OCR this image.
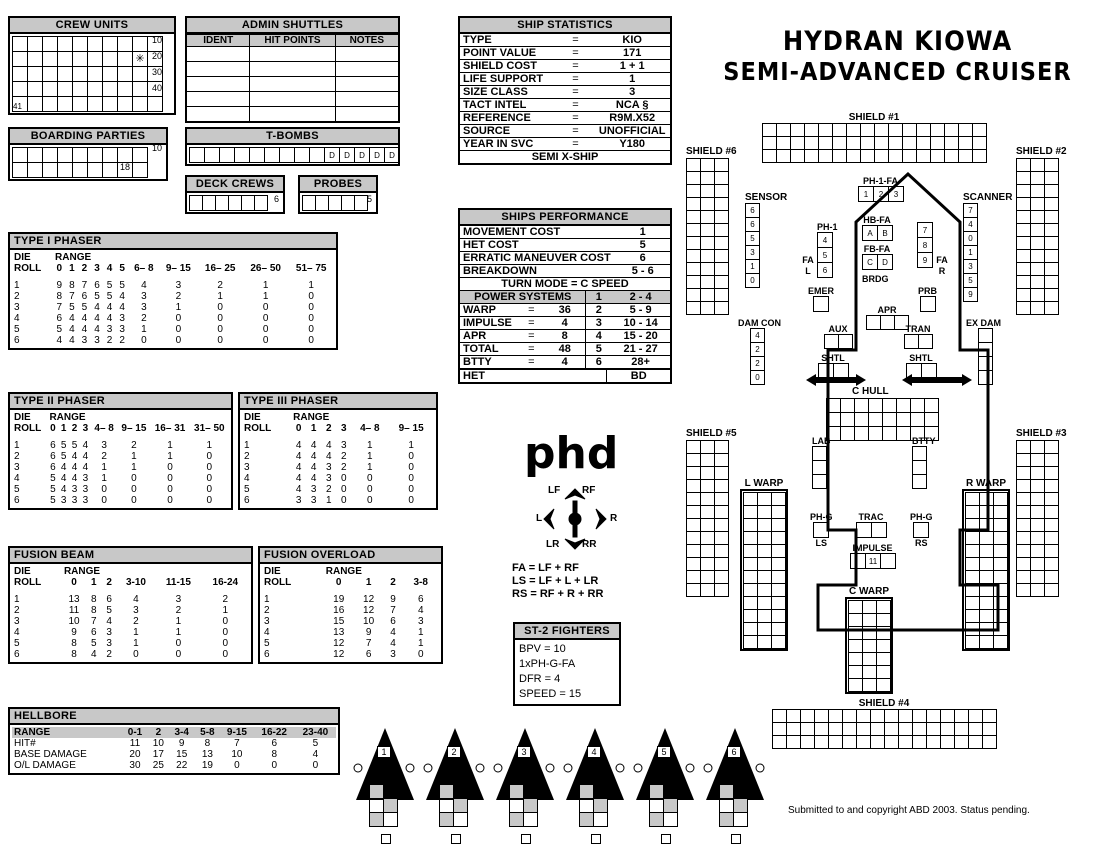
HYDRAN KIOWA
SEMI-ADVANCED CRUISER
CREW UNITS
✳
41
10
20
30
40
ADMIN SHUTTLES
IDENT	HIT POINTS	NOTES

BOARDING PARTIES
10
18
T-BOMBS
D	D	D	D	D
DECK CREWS
6
PROBES
5
SHIP STATISTICS
TYPE	=	KIO
POINT VALUE	=	171
SHIELD COST	=	1 + 1
LIFE SUPPORT	=	1
SIZE CLASS	=	3
TACT INTEL	=	NCA §
REFERENCE	=	R9M.X52
SOURCE	=	UNOFFICIAL
YEAR IN SVC	=	Y180
SEMI X-SHIP
SHIPS PERFORMANCE
MOVEMENT COST	1
HET COST	5
ERRATIC MANEUVER COST	6
BREAKDOWN	5 - 6
TURN MODE = C SPEED
POWER SYSTEMS			1	2 - 4
WARP	=	36	2	5 - 9
IMPULSE	=	4	3	10 - 14
APR	=	8	4	15 - 20
TOTAL	=	48	5	21 - 27
BTTY	=	4	6	28+
HET		BD
phd
LF RF
L	R
LR RR
FA = LF + RF
LS = LF + L + LR
RS = RF + R + RR
ST-2 FIGHTERS
BPV = 10
1xPH-G-FA
DFR = 4
SPEED = 15
TYPE I PHASER
DIE	RANGE										
ROLL	0	1	2	3	4	5	6– 8	9– 15	16– 25	26– 50	51– 75

1	9	8	7	6	5	5	4	3	2	1	1
2	8	7	6	5	5	4	3	2	1	1	0
3	7	5	5	4	4	4	3	1	0	0	0
4	6	4	4	4	4	3	2	0	0	0	0
5	5	4	4	4	3	3	1	0	0	0	0
6	4	4	3	3	2	2	0	0	0	0	0
TYPE II PHASER
DIE	RANGE							
ROLL	0	1	2	3	4– 8	9– 15	16– 31	31– 50

1	6	5	5	4	3	2	1	1
2	6	5	4	4	2	1	1	0
3	6	4	4	4	1	1	0	0
4	5	4	4	3	1	0	0	0
5	5	4	3	3	0	0	0	0
6	5	3	3	3	0	0	0	0
TYPE III PHASER
DIE	RANGE					
ROLL	0	1	2	3	4– 8	9– 15

1	4	4	4	3	1	1
2	4	4	4	2	1	0
3	4	4	3	2	1	0
4	4	4	3	0	0	0
5	4	3	2	0	0	0
6	3	3	1	0	0	0
FUSION BEAM
DIE	RANGE					
ROLL	0	1	2	3-10	11-15	16-24

1	13	8	6	4	3	2
2	11	8	5	3	2	1
3	10	7	4	2	1	0
4	9	6	3	1	1	0
5	8	5	3	1	0	0
6	8	4	2	0	0	0
FUSION OVERLOAD
DIE	RANGE			
ROLL	0	1	2	3-8

1	19	12	9	6
2	16	12	7	4
3	15	10	6	3
4	13	9	4	1
5	12	7	4	1
6	12	6	3	0
HELLBORE
RANGE	0-1	2	3-4	5-8	9-15	16-22	23-40
HIT#	11	10	9	8	7	6	5
BASE DAMAGE	20	17	15	13	10	8	4
O/L DAMAGE	30	25	22	19	0	0	0
SHIELD #1
SHIELD #4
SHIELD #6
SHIELD #5
SHIELD #2
SHIELD #3
SENSOR
6
6
5
3
1
0
SCANNER
7
4
0
1
3
5
9
PH-1-FA
1	2	3
HB-FA
A	B
FB-FA
C	D
BRDG
PH-1
4
5
6
FA L
7
8
9	FA R
EMER
APR
PRB
DAM CON
4
2
2
0
EX DAM
AUX	TRAN
SHTL	SHTL
C HULL
LAB	BTTY
L WARP	R WARP
C WARP
PH-G
LS
PH-G
RS
TRAC
IMPULSE
11
1	2	3	4	5	6
Submitted to and copyright ABD 2003. Status pending.
